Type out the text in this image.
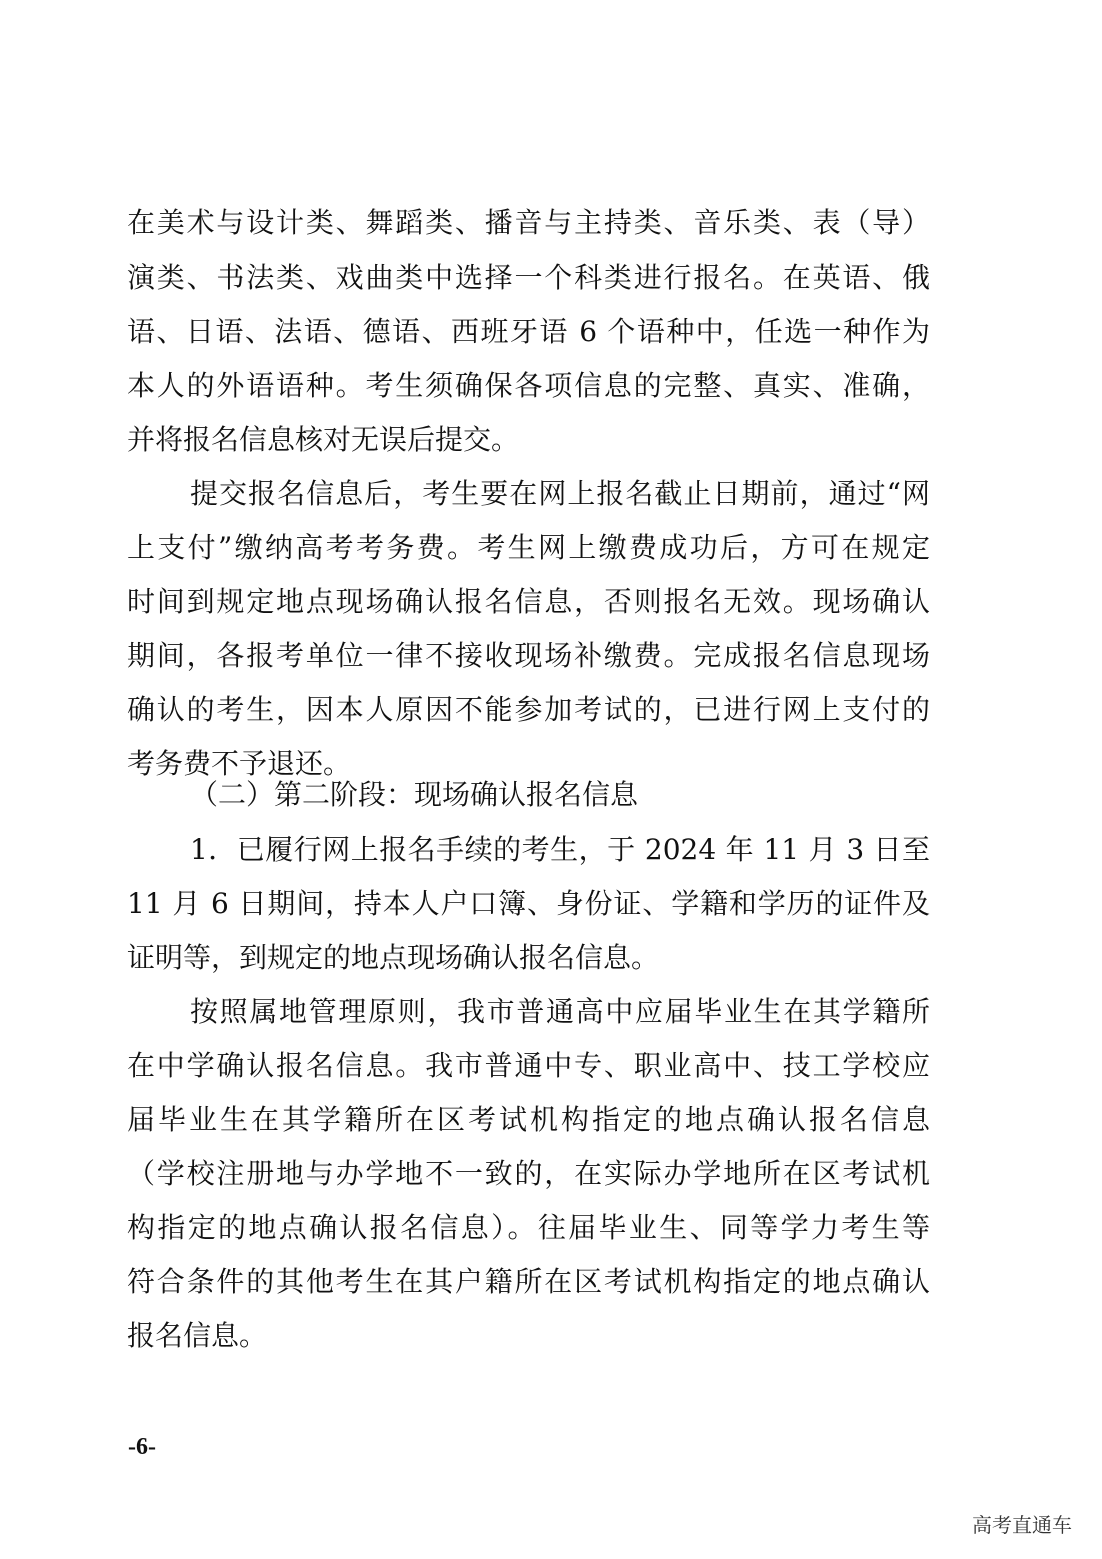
在美术与设计类、舞蹈类、播音与主持类、音乐类、表（导）
演类、书法类、戏曲类中选择一个科类进行报名。在英语、俄
语、日语、法语、德语、西班牙语 6 个语种中，任选一种作为
本人的外语语种。考生须确保各项信息的完整、真实、准确，
并将报名信息核对无误后提交。
提交报名信息后，考生要在网上报名截止日期前，通过“网
上支付”缴纳高考考务费。考生网上缴费成功后，方可在规定
时间到规定地点现场确认报名信息，否则报名无效。现场确认
期间，各报考单位一律不接收现场补缴费。完成报名信息现场
确认的考生，因本人原因不能参加考试的，已进行网上支付的
考务费不予退还。
（二）第二阶段：现场确认报名信息
1．已履行网上报名手续的考生，于 2024 年 11 月 3 日至
11 月 6 日期间，持本人户口簿、身份证、学籍和学历的证件及
证明等，到规定的地点现场确认报名信息。
按照属地管理原则，我市普通高中应届毕业生在其学籍所
在中学确认报名信息。我市普通中专、职业高中、技工学校应
届毕业生在其学籍所在区考试机构指定的地点确认报名信息
（学校注册地与办学地不一致的，在实际办学地所在区考试机
构指定的地点确认报名信息）。往届毕业生、同等学力考生等
符合条件的其他考生在其户籍所在区考试机构指定的地点确认
报名信息。
-6-
高考直通车
